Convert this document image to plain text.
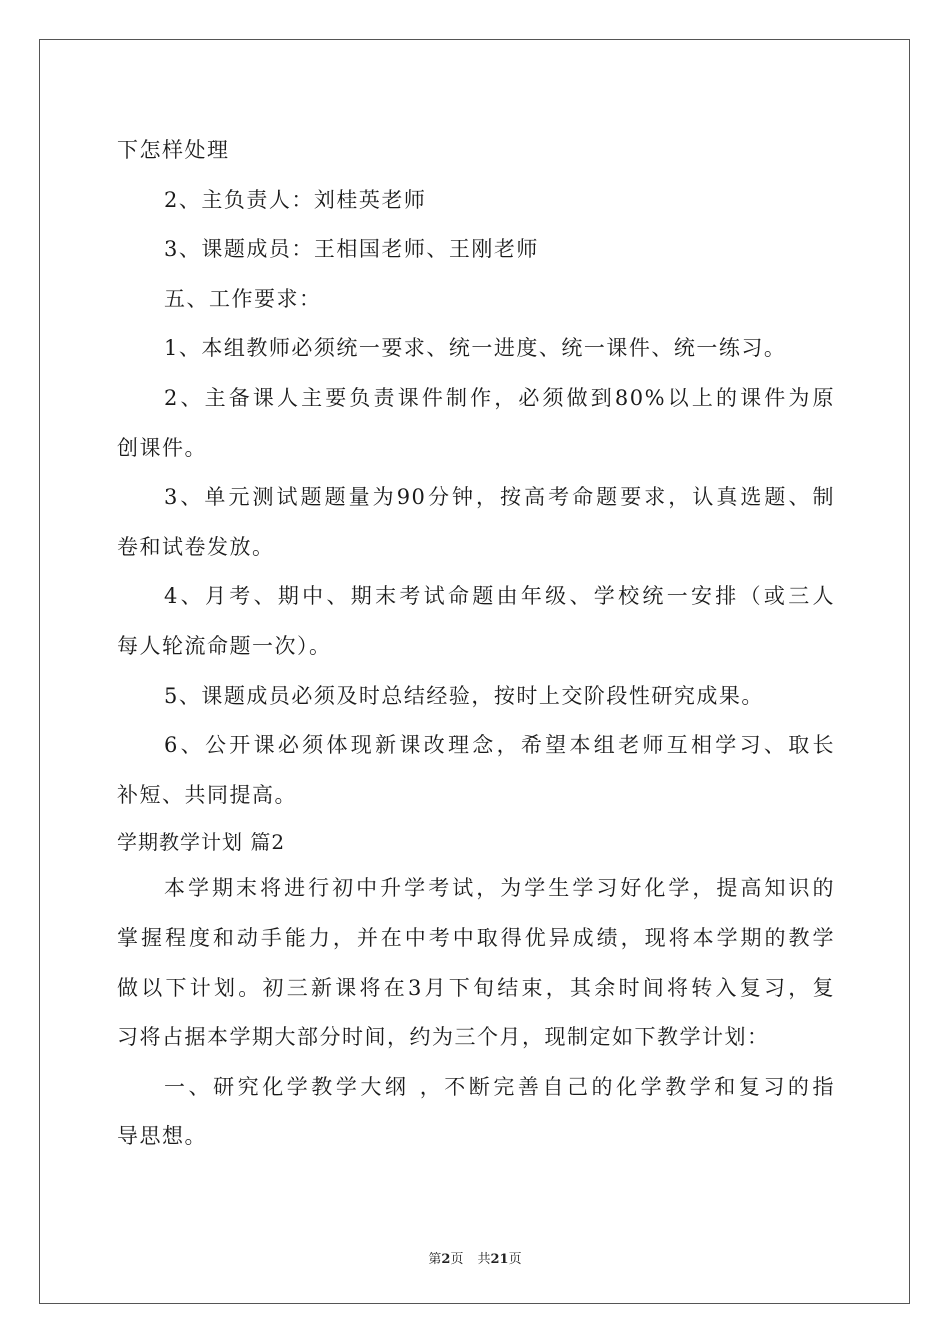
下怎样处理
2、主负责人：刘桂英老师
3、课题成员：王相国老师、王刚老师
五、工作要求：
1、本组教师必须统一要求、统一进度、统一课件、统一练习。
2、主备课人主要负责课件制作，必须做到80%以上的课件为原
创课件。
3、单元测试题题量为90分钟，按高考命题要求，认真选题、制
卷和试卷发放。
4、月考、期中、期末考试命题由年级、学校统一安排（或三人
每人轮流命题一次）。
5、课题成员必须及时总结经验，按时上交阶段性研究成果。
6、公开课必须体现新课改理念，希望本组老师互相学习、取长
补短、共同提高。
学期教学计划 篇2
本学期末将进行初中升学考试，为学生学习好化学，提高知识的
掌握程度和动手能力，并在中考中取得优异成绩，现将本学期的教学
做以下计划。初三新课将在3月下旬结束，其余时间将转入复习，复
习将占据本学期大部分时间，约为三个月，现制定如下教学计划：
一、研究化学教学大纲 ，不断完善自己的化学教学和复习的指
导思想。
第2页 共21页
